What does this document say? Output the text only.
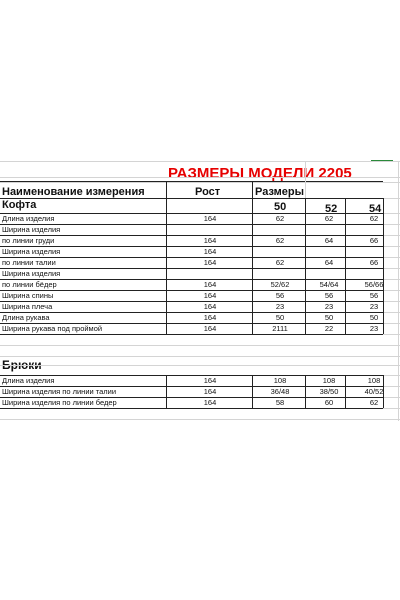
РАЗМЕРЫ МОДЕЛИ 2205
Наименование измерения	Рост	Размеры
Кофта	50	52	54
Длина изделия	164	62	62	62
Ширина изделия
по линии груди	164	62	64	66
Ширина изделия	164
по линии талии	164	62	64	66
Ширина изделия
по линии бёдер	164	52/62	54/64	56/66
Ширина спины	164	56	56	56
Ширина плеча	164	23	23	23
Длина рукава	164	50	50	50
Ширина рукава под проймой	164	2111	22	23
Брюки
Длина изделия	164	108	108	108
Ширина изделия по линии талии	164	36/48	38/50	40/52
Ширина изделия по линии бедер	164	58	60	62
